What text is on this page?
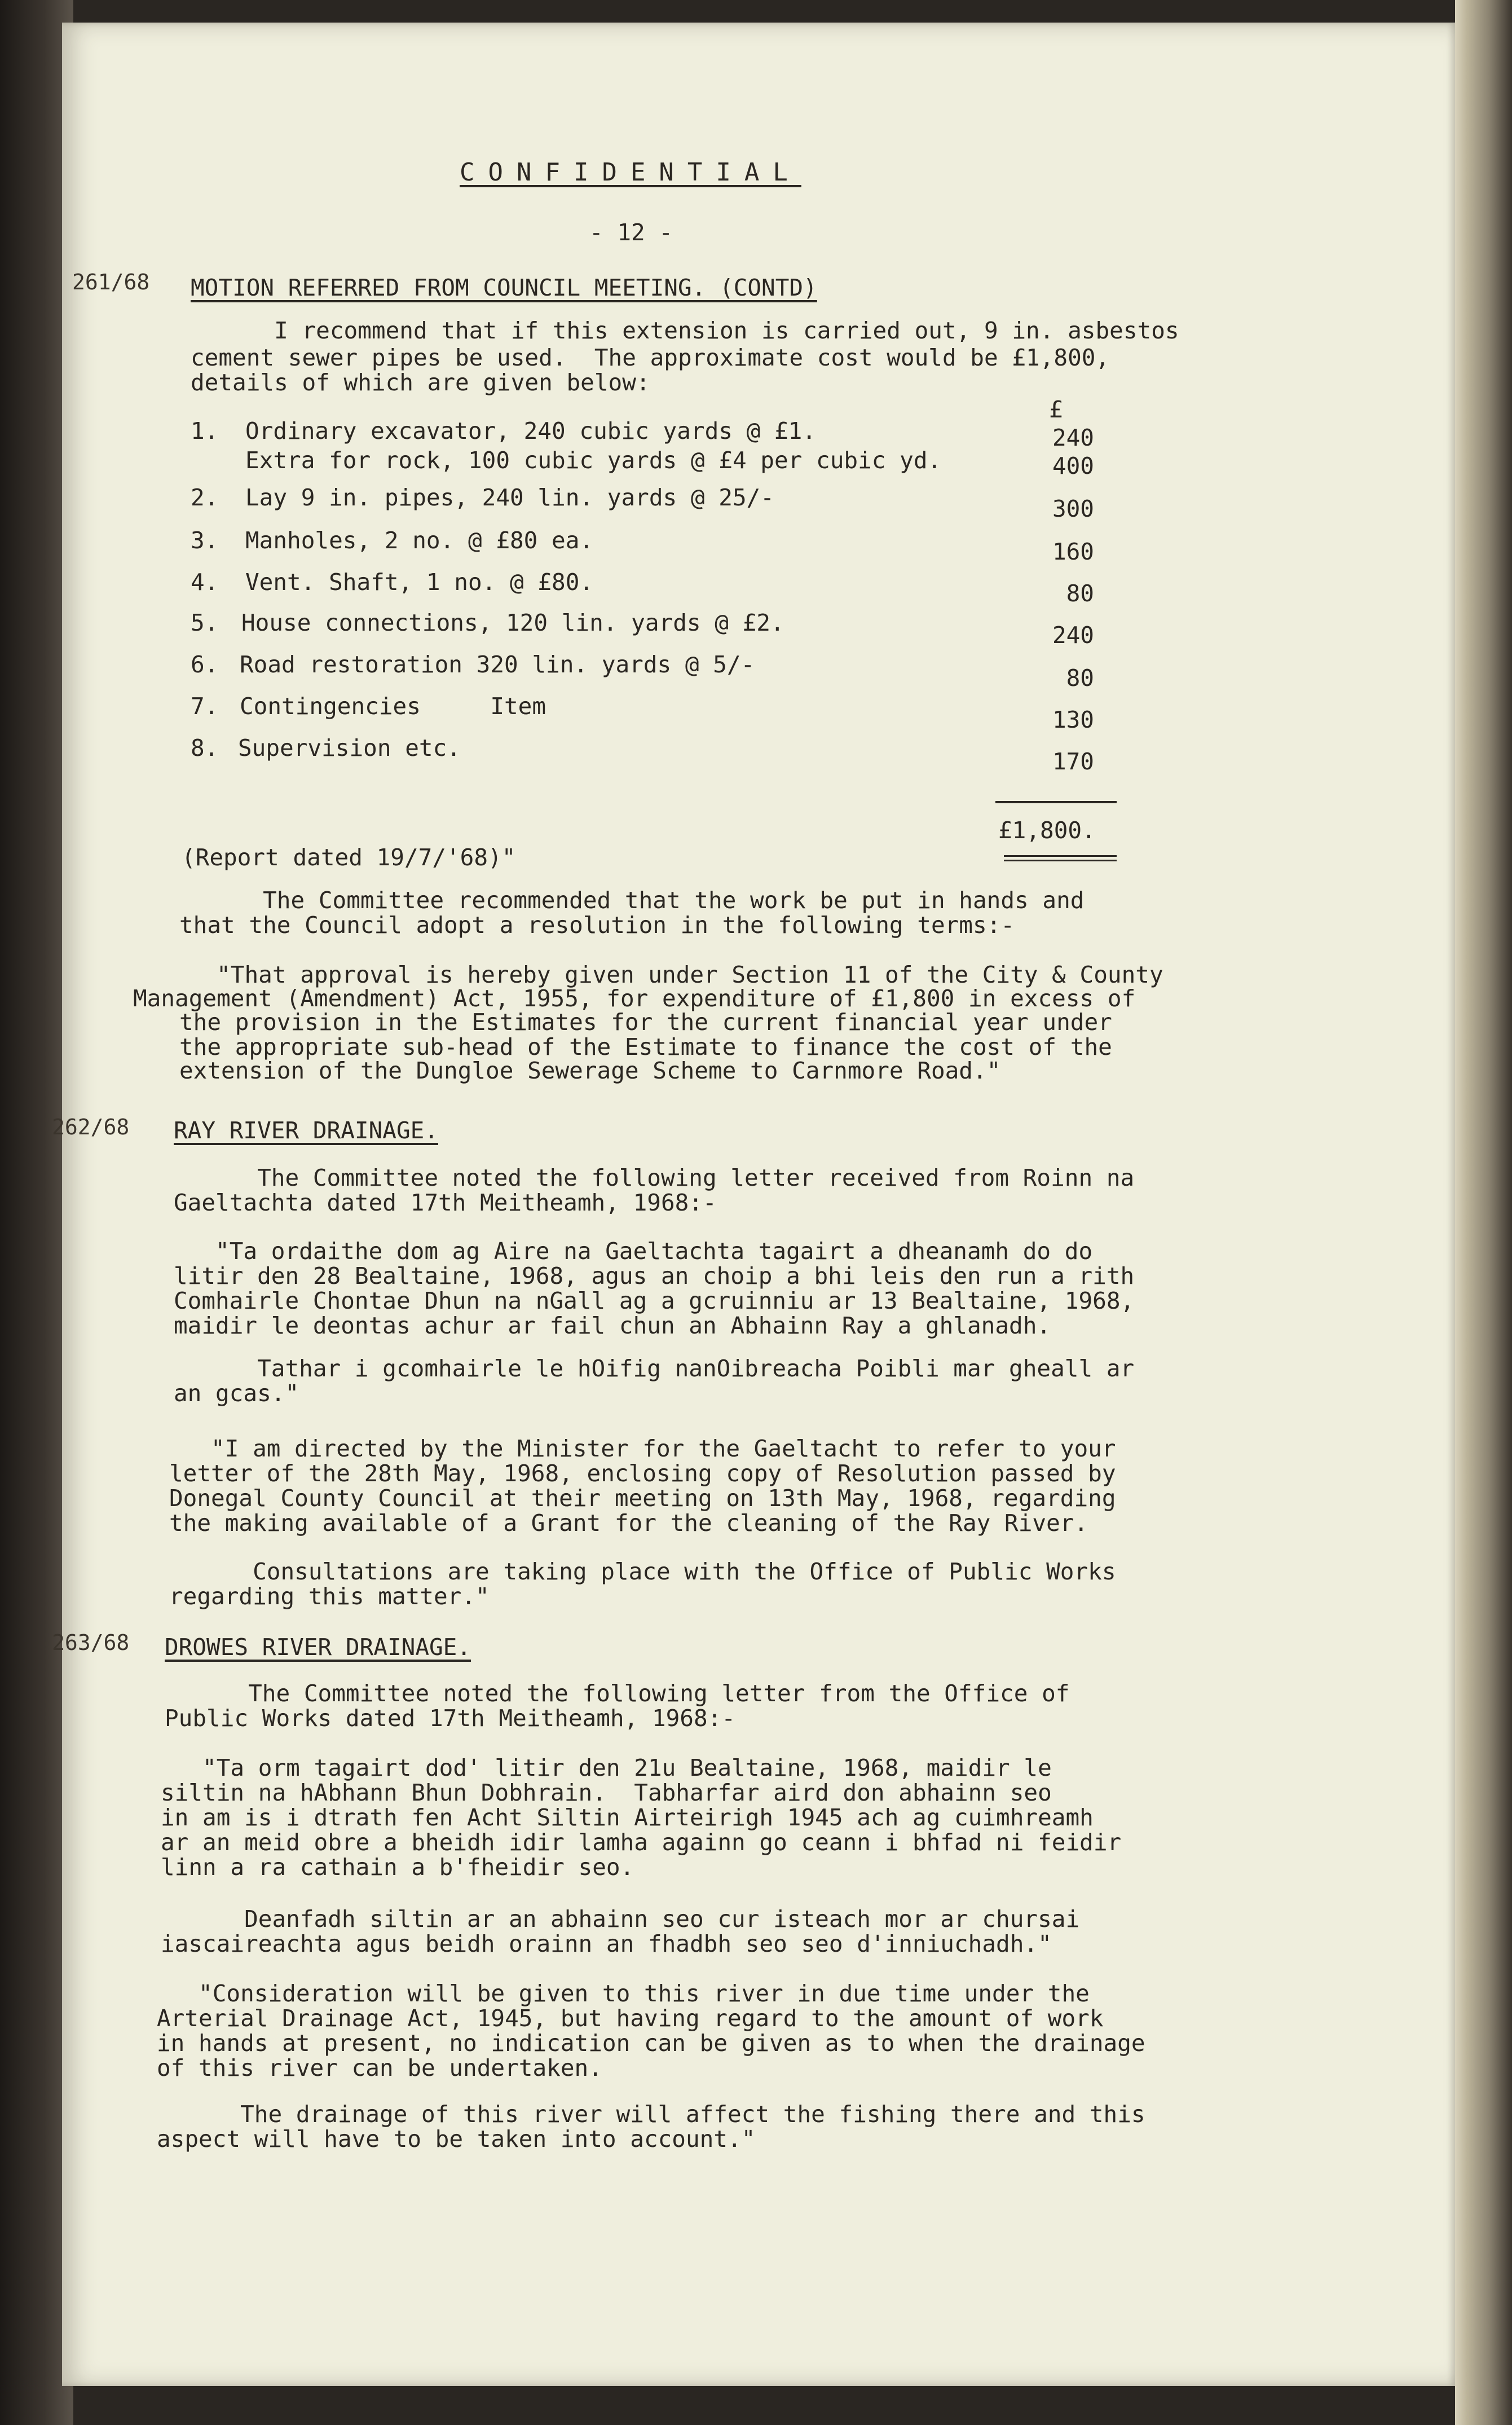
CONFIDENTIAL
- 12 -
261/68 MOTION REFERRED FROM COUNCIL MEETING. (CONTD)
I recommend that if this extension is carried out, 9 in. asbestos
cement sewer pipes be used.  The approximate cost would be £1,800,
details of which are given below:
£
1. Ordinary excavator, 240 cubic yards @ £1.	240
Extra for rock, 100 cubic yards @ £4 per cubic yd.	400
2. Lay 9 in. pipes, 240 lin. yards @ 25/-	300
3. Manholes, 2 no. @ £80 ea.	160
4. Vent. Shaft, 1 no. @ £80.	80
5. House connections, 120 lin. yards @ £2.	240
6. Road restoration 320 lin. yards @ 5/-	80
7. Contingencies     Item	130
8. Supervision etc.	170
£1,800.
(Report dated 19/7/'68)"
The Committee recommended that the work be put in hands and
that the Council adopt a resolution in the following terms:-
"That approval is hereby given under Section 11 of the City & County
Management (Amendment) Act, 1955, for expenditure of £1,800 in excess of
the provision in the Estimates for the current financial year under
the appropriate sub-head of the Estimate to finance the cost of the
extension of the Dungloe Sewerage Scheme to Carnmore Road."
262/68 RAY RIVER DRAINAGE.
The Committee noted the following letter received from Roinn na
Gaeltachta dated 17th Meitheamh, 1968:-
"Ta ordaithe dom ag Aire na Gaeltachta tagairt a dheanamh do do
litir den 28 Bealtaine, 1968, agus an choip a bhi leis den run a rith
Comhairle Chontae Dhun na nGall ag a gcruinniu ar 13 Bealtaine, 1968,
maidir le deontas achur ar fail chun an Abhainn Ray a ghlanadh.
Tathar i gcomhairle le hOifig nanOibreacha Poibli mar gheall ar
an gcas."
"I am directed by the Minister for the Gaeltacht to refer to your
letter of the 28th May, 1968, enclosing copy of Resolution passed by
Donegal County Council at their meeting on 13th May, 1968, regarding
the making available of a Grant for the cleaning of the Ray River.
Consultations are taking place with the Office of Public Works
regarding this matter."
263/68 DROWES RIVER DRAINAGE.
The Committee noted the following letter from the Office of
Public Works dated 17th Meitheamh, 1968:-
"Ta orm tagairt dod' litir den 21u Bealtaine, 1968, maidir le
siltin na hAbhann Bhun Dobhrain.  Tabharfar aird don abhainn seo
in am is i dtrath fen Acht Siltin Airteirigh 1945 ach ag cuimhreamh
ar an meid obre a bheidh idir lamha againn go ceann i bhfad ni feidir
linn a ra cathain a b'fheidir seo.
Deanfadh siltin ar an abhainn seo cur isteach mor ar chursai
iascaireachta agus beidh orainn an fhadbh seo seo d'inniuchadh."
"Consideration will be given to this river in due time under the
Arterial Drainage Act, 1945, but having regard to the amount of work
in hands at present, no indication can be given as to when the drainage
of this river can be undertaken.
The drainage of this river will affect the fishing there and this
aspect will have to be taken into account."
